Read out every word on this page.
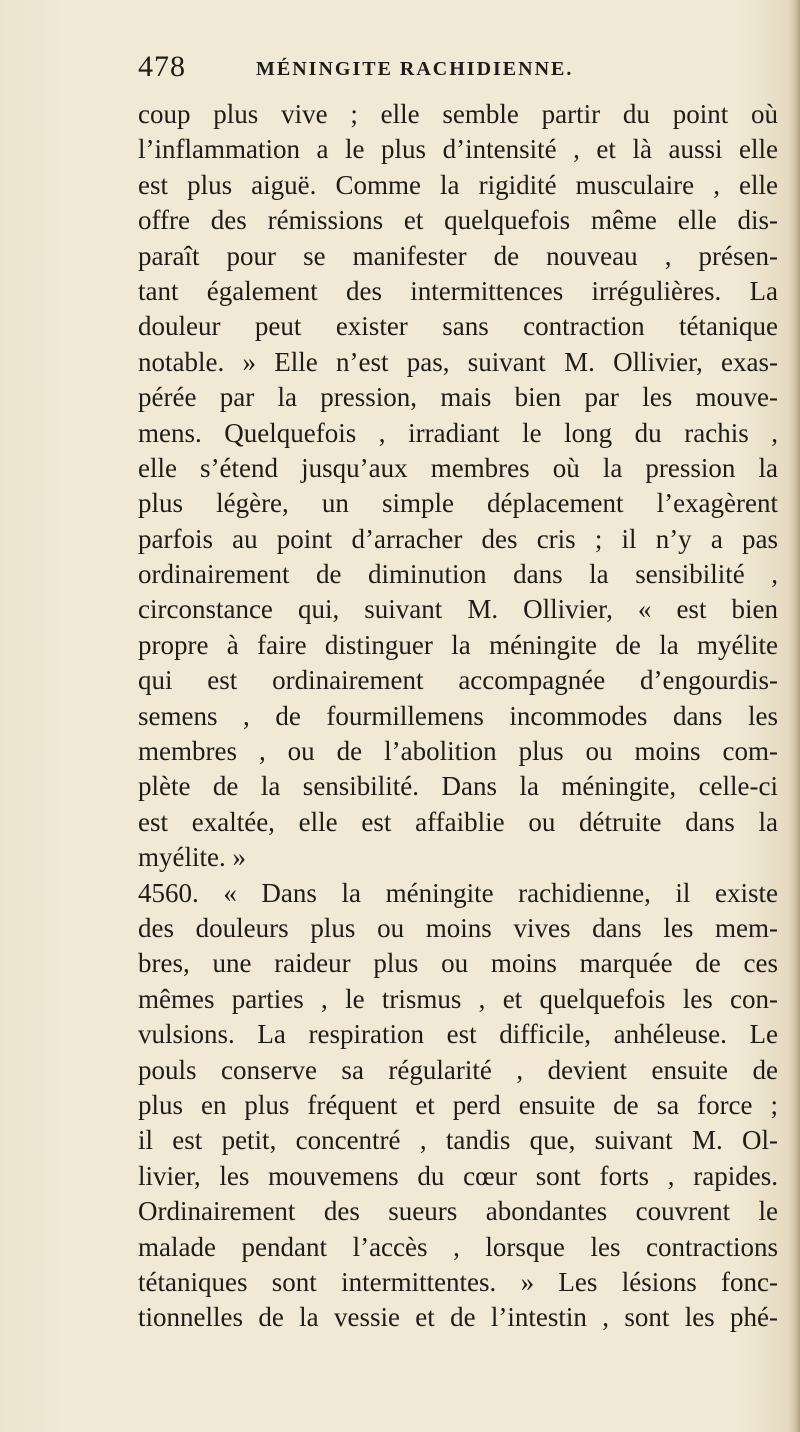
478	MÉNINGITE RACHIDIENNE.
coup plus vive ; elle semble partir du point où
l’inflammation a le plus d’intensité , et là aussi elle
est plus aiguë. Comme la rigidité musculaire , elle
offre des rémissions et quelquefois même elle dis-
paraît pour se manifester de nouveau , présen-
tant également des intermittences irrégulières. La
douleur peut exister sans contraction tétanique
notable. » Elle n’est pas, suivant M. Ollivier, exas-
pérée par la pression, mais bien par les mouve-
mens. Quelquefois , irradiant le long du rachis ,
elle s’étend jusqu’aux membres où la pression la
plus légère, un simple déplacement l’exagèrent
parfois au point d’arracher des cris ; il n’y a pas
ordinairement de diminution dans la sensibilité ,
circonstance qui, suivant M. Ollivier, « est bien
propre à faire distinguer la méningite de la myélite
qui est ordinairement accompagnée d’engourdis-
semens , de fourmillemens incommodes dans les
membres , ou de l’abolition plus ou moins com-
plète de la sensibilité. Dans la méningite, celle-ci
est exaltée, elle est affaiblie ou détruite dans la
myélite. »
4560. « Dans la méningite rachidienne, il existe
des douleurs plus ou moins vives dans les mem-
bres, une raideur plus ou moins marquée de ces
mêmes parties , le trismus , et quelquefois les con-
vulsions. La respiration est difficile, anhéleuse. Le
pouls conserve sa régularité , devient ensuite de
plus en plus fréquent et perd ensuite de sa force ;
il est petit, concentré , tandis que, suivant M. Ol-
livier, les mouvemens du cœur sont forts , rapides.
Ordinairement des sueurs abondantes couvrent le
malade pendant l’accès , lorsque les contractions
tétaniques sont intermittentes. » Les lésions fonc-
tionnelles de la vessie et de l’intestin , sont les phé-
